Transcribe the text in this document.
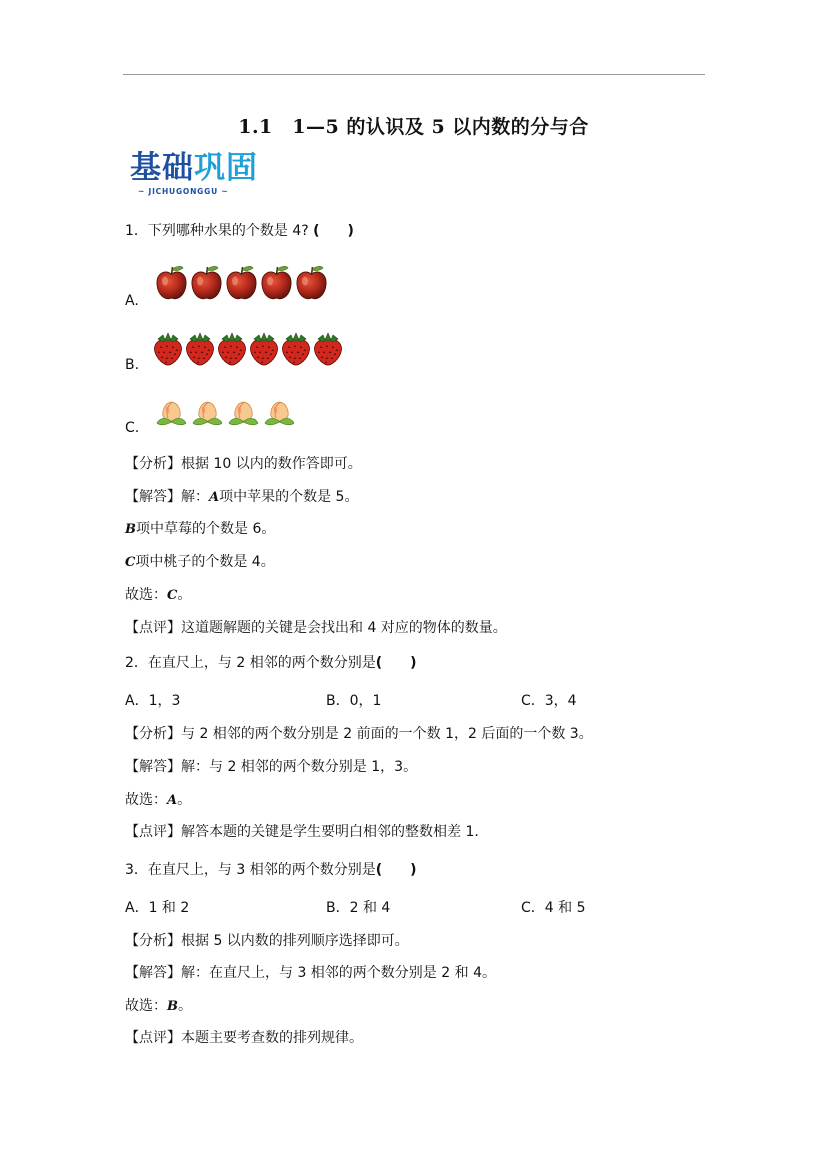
1.1　1—5 的认识及 5 以内数的分与合
基础巩固
~ JICHUGONGGU ~
1．下列哪种水果的个数是 4? (　　)
A.
B.
C.
【分析】根据 10 以内的数作答即可。
【解答】解：A项中苹果的个数是 5。
B项中草莓的个数是 6。
C项中桃子的个数是 4。
故选：C。
【点评】这道题解题的关键是会找出和 4 对应的物体的数量。
2．在直尺上，与 2 相邻的两个数分别是(　　)
A．1，3	B．0，1	C．3，4
【分析】与 2 相邻的两个数分别是 2 前面的一个数 1，2 后面的一个数 3。
【解答】解：与 2 相邻的两个数分别是 1，3。
故选：A。
【点评】解答本题的关键是学生要明白相邻的整数相差 1.
3．在直尺上，与 3 相邻的两个数分别是(　　)
A．1 和 2	B．2 和 4	C．4 和 5
【分析】根据 5 以内数的排列顺序选择即可。
【解答】解：在直尺上，与 3 相邻的两个数分别是 2 和 4。
故选：B。
【点评】本题主要考查数的排列规律。
